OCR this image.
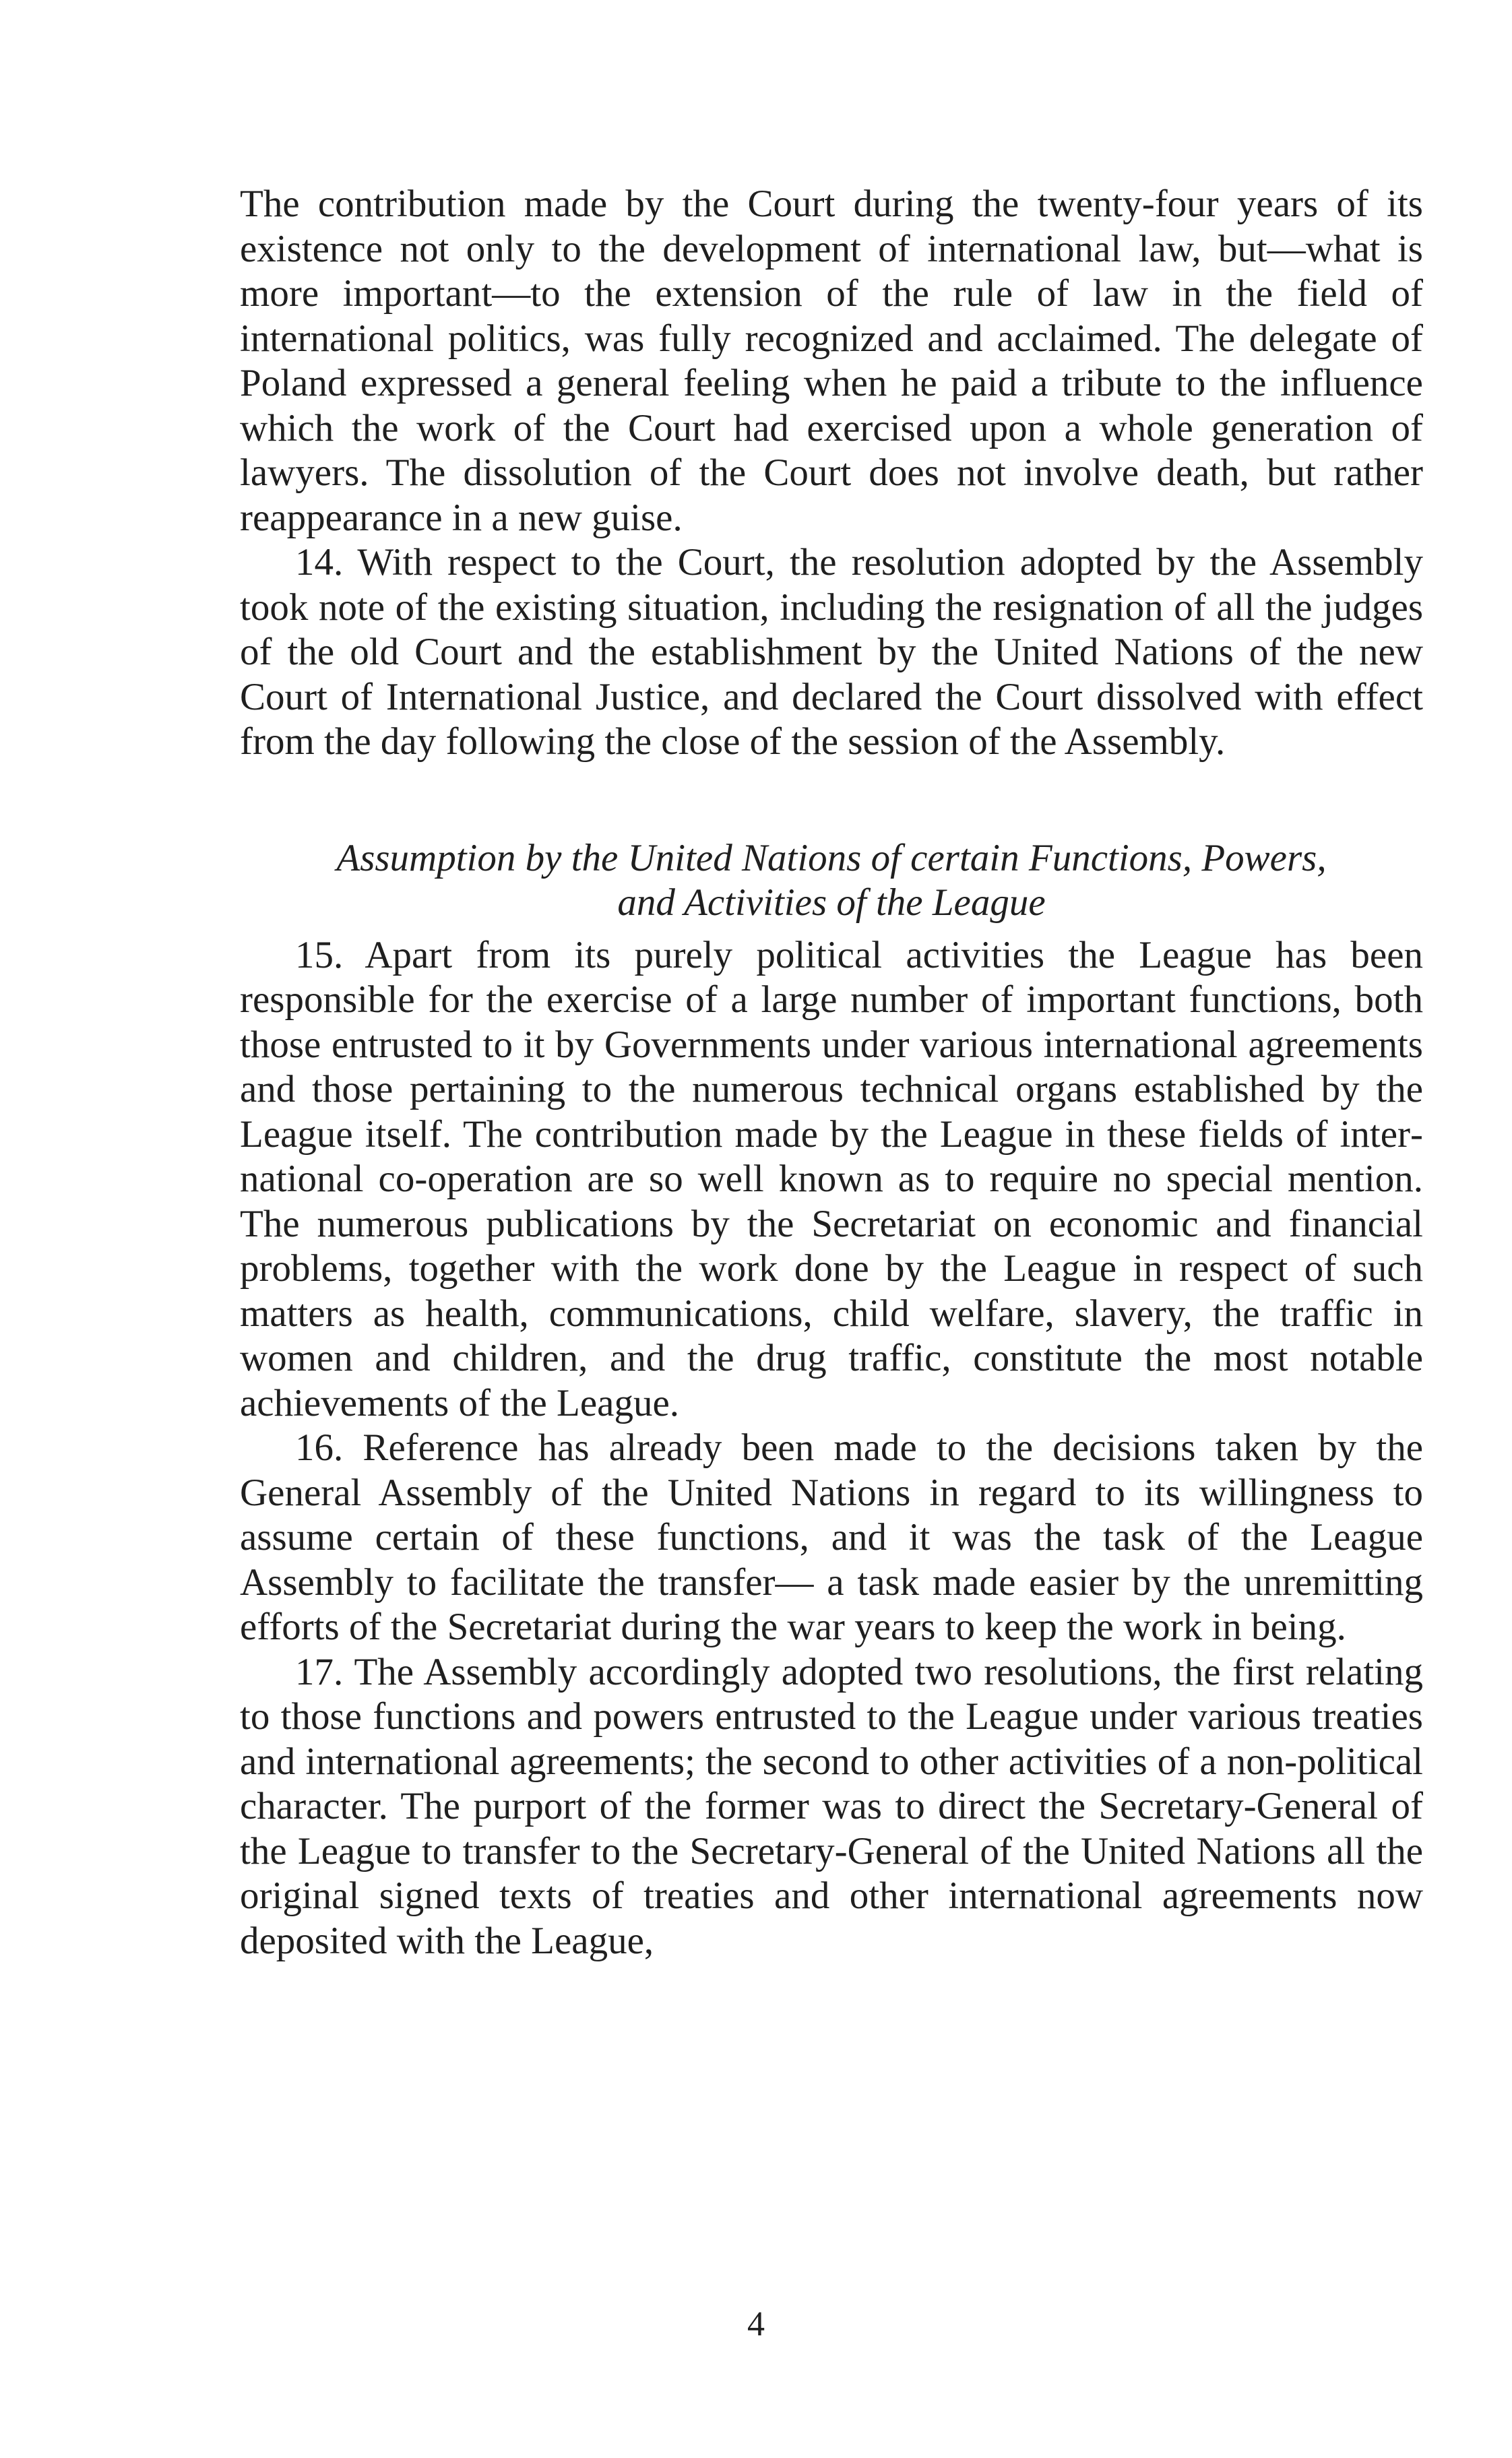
The contribution made by the Court during the twenty-four years of its existence not only to the development of international law, but—what is more important—to the extension of the rule of law in the field of international politics, was fully recognized and acclaimed. The delegate of Poland expressed a general feeling when he paid a tribute to the influence which the work of the Court had exercised upon a whole generation of lawyers. The dissolution of the Court does not involve death, but rather reappearance in a new guise.

14. With respect to the Court, the resolution adopted by the Assembly took note of the existing situation, including the resignation of all the judges of the old Court and the establishment by the United Nations of the new Court of International Justice, and declared the Court dissolved with effect from the day following the close of the session of the Assembly.

Assumption by the United Nations of certain Functions, Powers,
and Activities of the League

15. Apart from its purely political activities the League has been responsible for the exercise of a large number of important functions, both those entrusted to it by Governments under various international agreements and those pertaining to the numerous technical organs established by the League itself. The contribution made by the League in these fields of international co-operation are so well known as to require no special mention. The numerous publications by the Secretariat on economic and financial problems, together with the work done by the League in respect of such matters as health, communications, child welfare, slavery, the traffic in women and children, and the drug traffic, constitute the most notable achievements of the League.

16. Reference has already been made to the decisions taken by the General Assembly of the United Nations in regard to its willingness to assume certain of these functions, and it was the task of the League Assembly to facilitate the transfer— a task made easier by the unremitting efforts of the Secretariat during the war years to keep the work in being.

17. The Assembly accordingly adopted two resolutions, the first relating to those functions and powers entrusted to the League under various treaties and international agreements; the second to other activities of a non-political character. The purport of the former was to direct the Secretary-General of the League to transfer to the Secretary-General of the United Nations all the original signed texts of treaties and other international agreements now deposited with the League,

4
